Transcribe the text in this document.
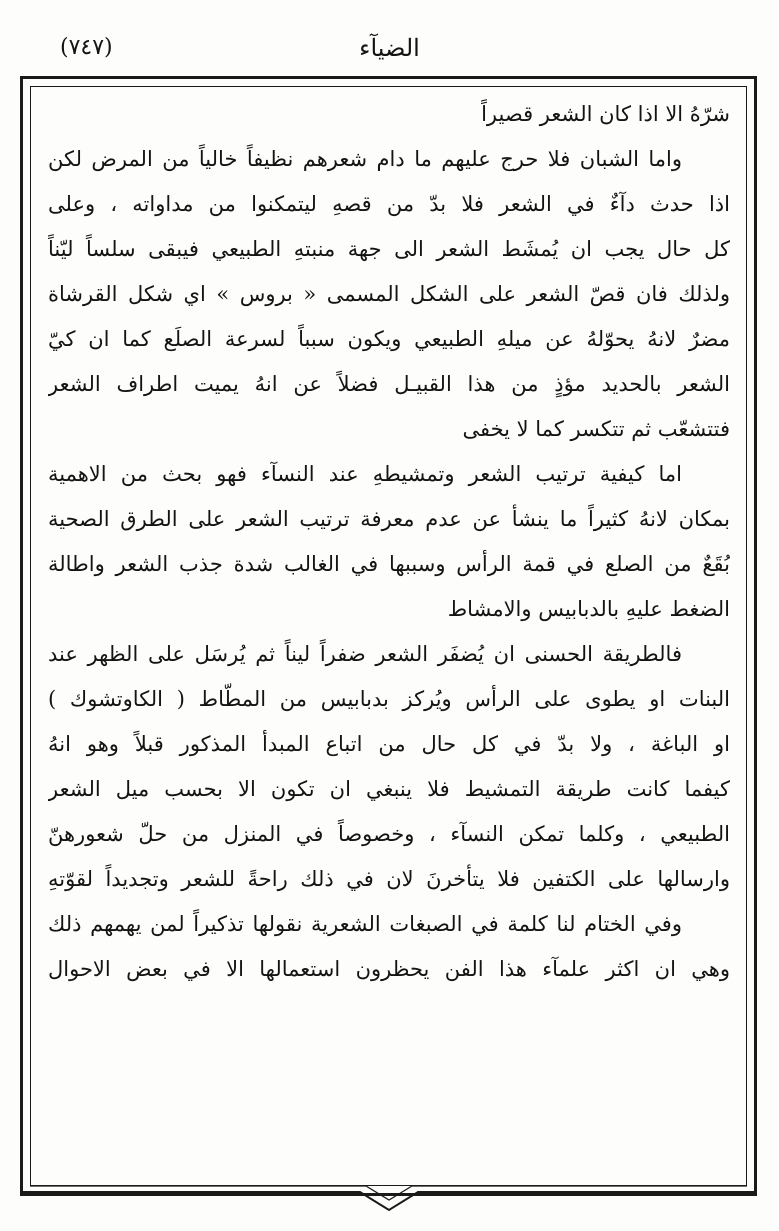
الضيآء
(٧٤٧)
شرّهُ الا اذا كان الشعر قصيراً
واما الشبان فلا حرج عليهم ما دام شعرهم نظيفاً خالياً من المرض لكن
اذا حدث دآءٌ في الشعر فلا بدّ من قصهِ ليتمكنوا من مداواته ، وعلى
كل حال يجب ان يُمشَط الشعر الى جهة منبتهِ الطبيعي فيبقى سلساً ليّناً
ولذلك فان قصّ الشعر على الشكل المسمى « بروس » اي شكل القرشاة
مضرٌ لانهُ يحوّلهُ عن ميلهِ الطبيعي ويكون سبباً لسرعة الصلَع كما ان كيّ
الشعر بالحديد مؤذٍ من هذا القبيـل فضلاً عن انهُ يميت اطراف الشعر
فتتشعّب ثم تتكسر كما لا يخفى
اما كيفية ترتيب الشعر وتمشيطهِ عند النسآء فهو بحث من الاهمية
بمكان لانهُ كثيراً ما ينشأ عن عدم معرفة ترتيب الشعر على الطرق الصحية
بُقَعٌ من الصلع في قمة الرأس وسببها في الغالب شدة جذب الشعر واطالة
الضغط عليهِ بالدبابيس والامشاط
فالطريقة الحسنى ان يُضفَر الشعر ضفراً ليناً ثم يُرسَل على الظهر عند
البنات او يطوى على الرأس ويُركز بدبابيس من المطّاط ( الكاوتشوك )
او الباغة ، ولا بدّ في كل حال من اتباع المبدأ المذكور قبلاً وهو انهُ
كيفما كانت طريقة التمشيط فلا ينبغي ان تكون الا بحسب ميل الشعر
الطبيعي ، وكلما تمكن النسآء ، وخصوصاً في المنزل من حلّ شعورهنّ
وارسالها على الكتفين فلا يتأخرنَ لان في ذلك راحةً للشعر وتجديداً لقوّتهِ
وفي الختام لنا كلمة في الصبغات الشعرية نقولها تذكيراً لمن يهمهم ذلك
وهي ان اكثر علمآء هذا الفن يحظرون استعمالها الا في بعض الاحوال
